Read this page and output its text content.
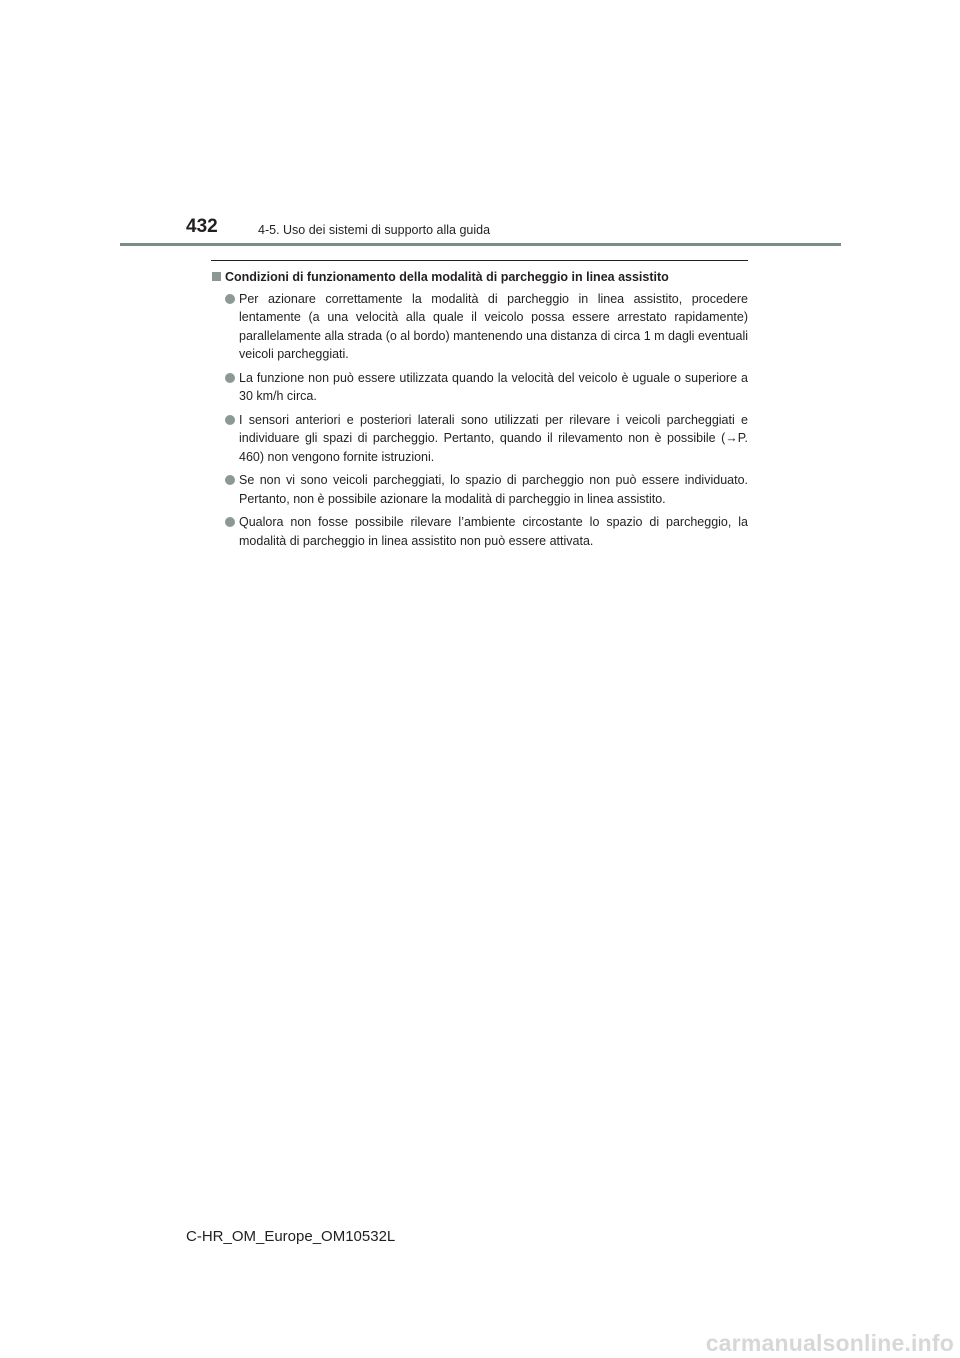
432	4-5. Uso dei sistemi di supporto alla guida
Condizioni di funzionamento della modalità di parcheggio in linea assistito
Per azionare correttamente la modalità di parcheggio in linea assistito, procedere lentamente (a una velocità alla quale il veicolo possa essere arrestato rapidamente) parallelamente alla strada (o al bordo) mantenendo una distanza di circa 1 m dagli eventuali veicoli parcheggiati.
La funzione non può essere utilizzata quando la velocità del veicolo è uguale o superiore a 30 km/h circa.
I sensori anteriori e posteriori laterali sono utilizzati per rilevare i veicoli parcheggiati e individuare gli spazi di parcheggio. Pertanto, quando il rilevamento non è possibile (→P. 460) non vengono fornite istruzioni.
Se non vi sono veicoli parcheggiati, lo spazio di parcheggio non può essere individuato. Pertanto, non è possibile azionare la modalità di parcheggio in linea assistito.
Qualora non fosse possibile rilevare l’ambiente circostante lo spazio di parcheggio, la modalità di parcheggio in linea assistito non può essere attivata.
C-HR_OM_Europe_OM10532L
carmanualsonline.info
